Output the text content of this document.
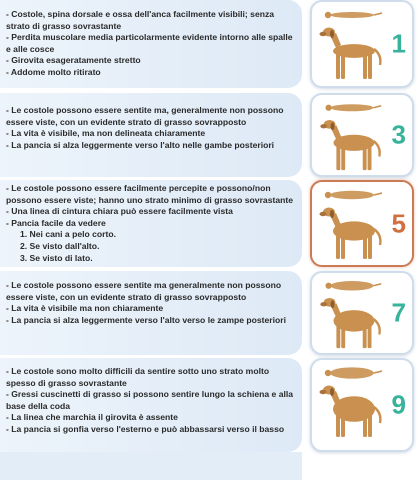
- Costole, spina dorsale e ossa dell'anca facilmente visibili; senza strato di grasso sovrastante
- Perdita muscolare media particolarmente evidente intorno alle spalle e alle cosce
- Girovita esageratamente stretto
- Addome molto ritirato
1
- Le costole possono essere sentite ma, generalmente non possono essere viste, con un evidente strato di grasso sovrapposto
- La vita è visibile, ma non delineata chiaramente
- La pancia si alza leggermente verso l'alto nelle gambe posteriori	3
- Le costole possono essere facilmente percepite e possono/non possono essere viste; hanno uno strato minimo di grasso sovrastante
- Una linea di cintura chiara può essere facilmente vista
- Pancia facile da vedere
1. Nei cani a pelo corto.
2. Se visto dall'alto.
3. Se visto di lato.
5
- Le costole possono essere sentite ma generalmente non possono essere viste, con un evidente strato di grasso sovrapposto
- La vita è visibile ma non chiaramente
- La pancia si alza leggermente verso l'alto verso le zampe posteriori	7
- Le costole sono molto difficili da sentire sotto uno strato molto spesso di grasso sovrastante
- Gressi cuscinetti di grasso si possono sentire lungo la schiena e alla base della coda
- La linea che marchia il girovita è assente
- La pancia si gonfia verso l'esterno e può abbassarsi verso il basso
9
